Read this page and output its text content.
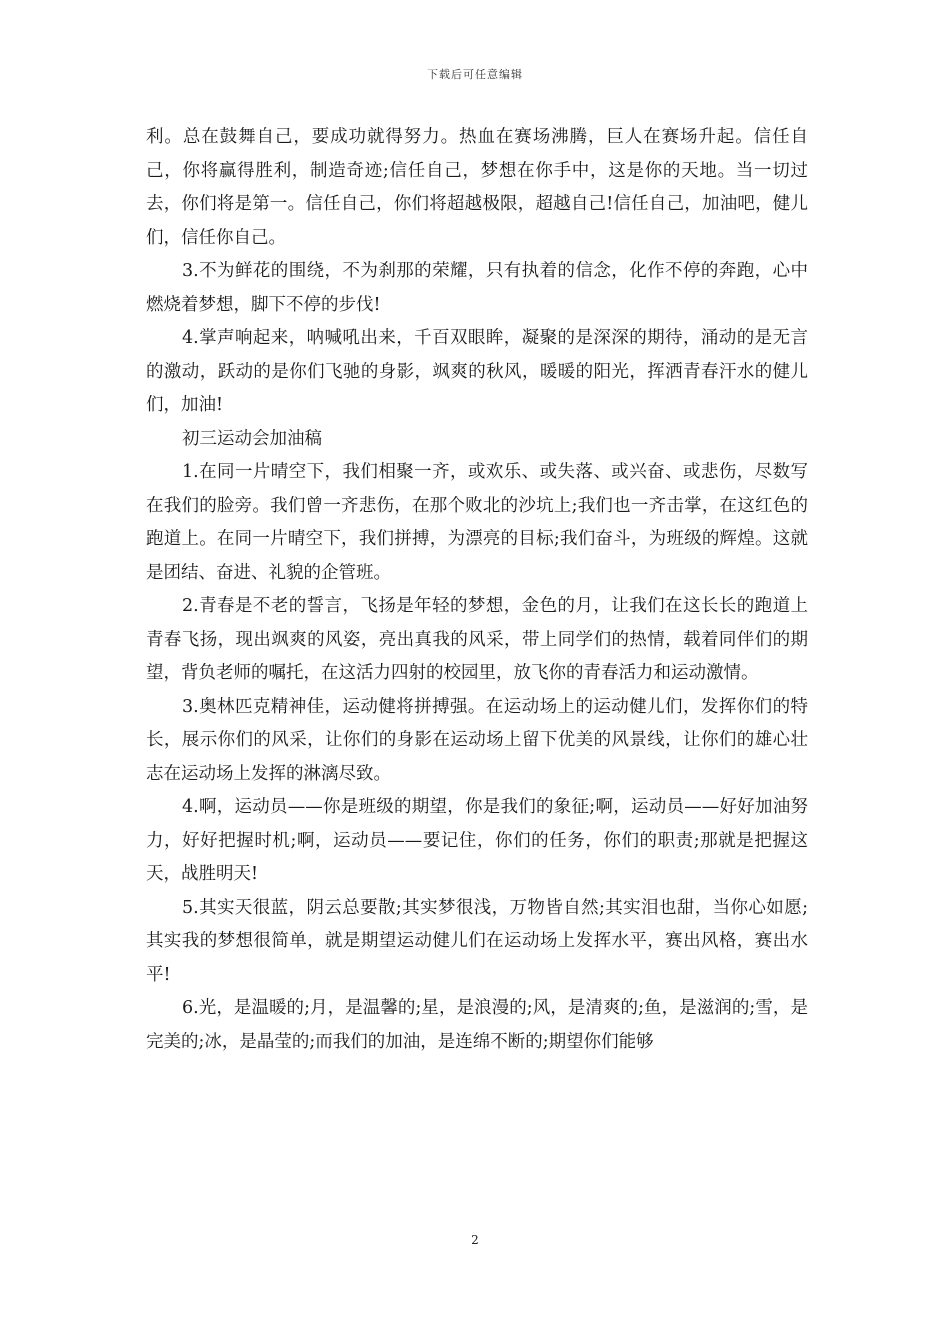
下载后可任意编辑

利。总在鼓舞自己，要成功就得努力。热血在赛场沸腾，巨人在赛场升起。信任自己，你将赢得胜利，制造奇迹;信任自己，梦想在你手中，这是你的天地。当一切过去，你们将是第一。信任自己，你们将超越极限，超越自己!信任自己，加油吧，健儿们，信任你自己。

3.不为鲜花的围绕，不为刹那的荣耀，只有执着的信念，化作不停的奔跑，心中燃烧着梦想，脚下不停的步伐!

4.掌声响起来，呐喊吼出来，千百双眼眸，凝聚的是深深的期待，涌动的是无言的激动，跃动的是你们飞驰的身影，飒爽的秋风，暖暖的阳光，挥洒青春汗水的健儿们，加油!

初三运动会加油稿

1.在同一片晴空下，我们相聚一齐，或欢乐、或失落、或兴奋、或悲伤，尽数写在我们的脸旁。我们曾一齐悲伤，在那个败北的沙坑上;我们也一齐击掌，在这红色的跑道上。在同一片晴空下，我们拼搏，为漂亮的目标;我们奋斗，为班级的辉煌。这就是团结、奋进、礼貌的企管班。

2.青春是不老的誓言，飞扬是年轻的梦想，金色的月，让我们在这长长的跑道上青春飞扬，现出飒爽的风姿，亮出真我的风采，带上同学们的热情，载着同伴们的期望，背负老师的嘱托，在这活力四射的校园里，放飞你的青春活力和运动激情。

3.奥林匹克精神佳，运动健将拼搏强。在运动场上的运动健儿们，发挥你们的特长，展示你们的风采，让你们的身影在运动场上留下优美的风景线，让你们的雄心壮志在运动场上发挥的淋漓尽致。

4.啊，运动员——你是班级的期望，你是我们的象征;啊，运动员——好好加油努力，好好把握时机;啊，运动员——要记住，你们的任务，你们的职责;那就是把握这天，战胜明天!

5.其实天很蓝，阴云总要散;其实梦很浅，万物皆自然;其实泪也甜，当你心如愿;其实我的梦想很简单，就是期望运动健儿们在运动场上发挥水平，赛出风格，赛出水平!

6.光，是温暖的;月，是温馨的;星，是浪漫的;风，是清爽的;鱼，是滋润的;雪，是完美的;冰，是晶莹的;而我们的加油，是连绵不断的;期望你们能够

2
